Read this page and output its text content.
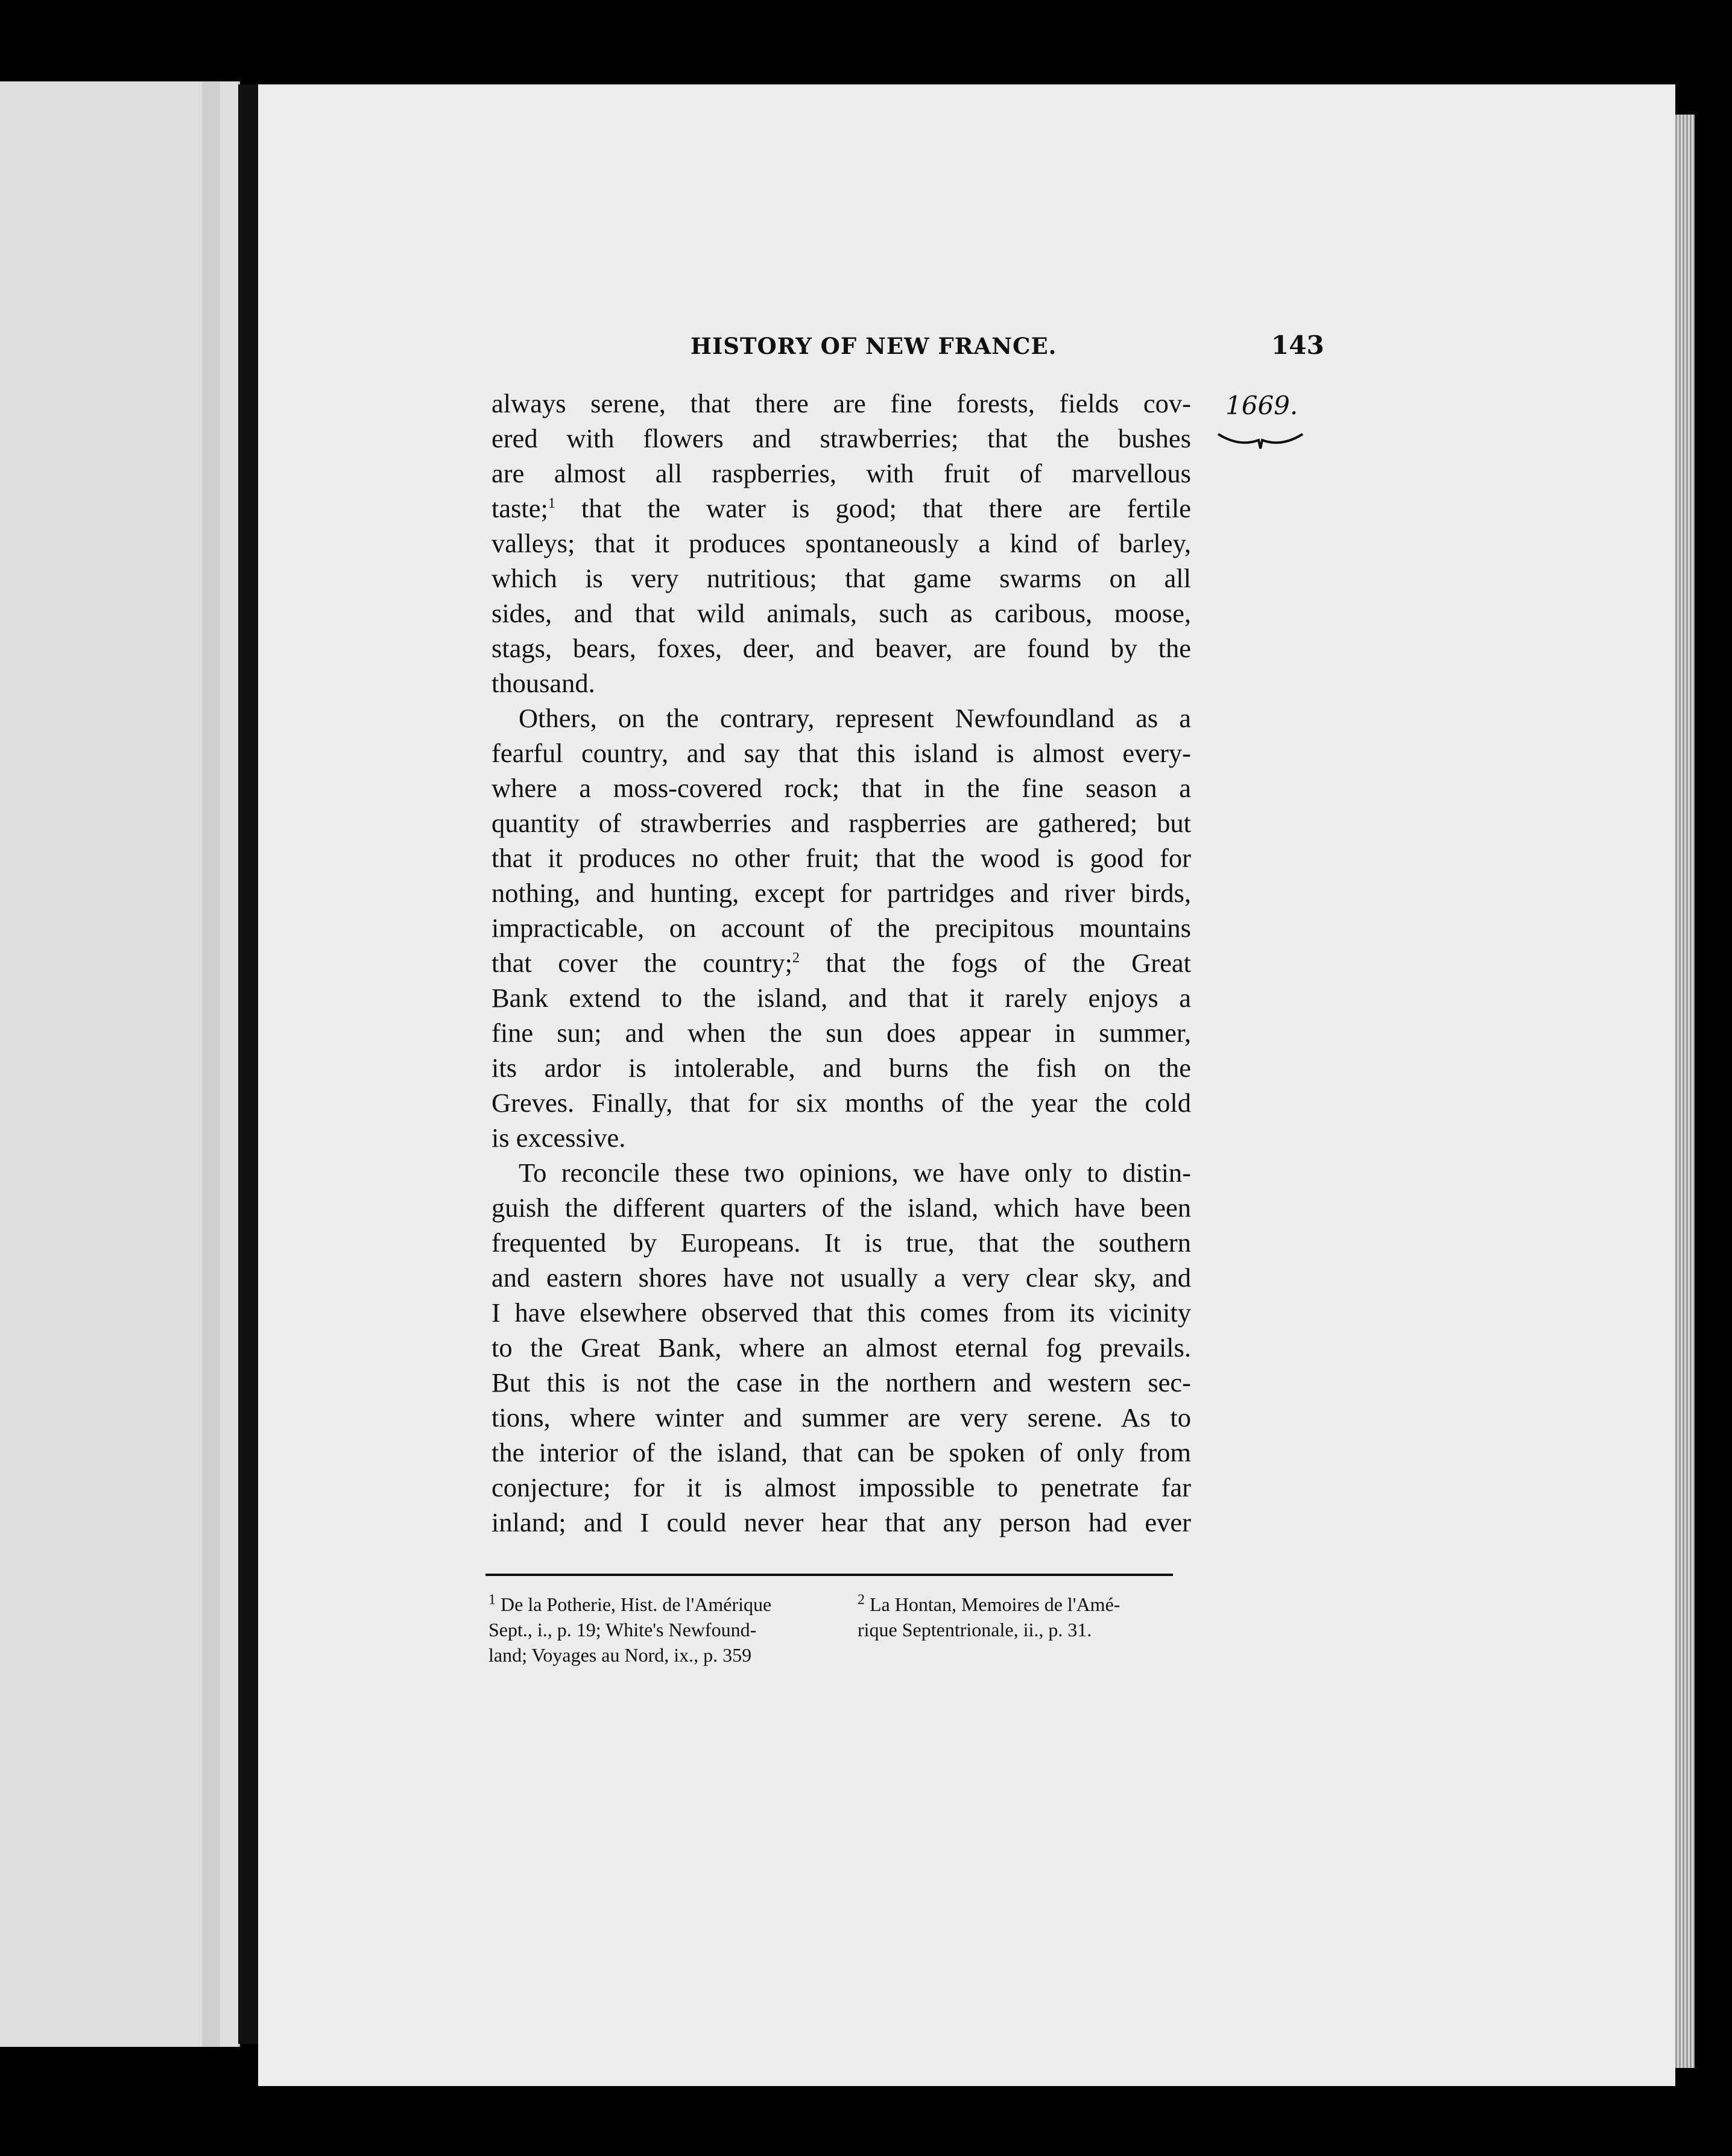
HISTORY OF NEW FRANCE.	143
1669.

always serene, that there are fine forests, fields cov-
ered with flowers and strawberries; that the bushes
are almost all raspberries, with fruit of marvellous
taste;$^1$ that the water is good; that there are fertile
valleys; that it produces spontaneously a kind of barley,
which is very nutritious; that game swarms on all
sides, and that wild animals, such as caribous, moose,
stags, bears, foxes, deer, and beaver, are found by the
thousand.

Others, on the contrary, represent Newfoundland as a
fearful country, and say that this island is almost every-
where a moss-covered rock; that in the fine season a
quantity of strawberries and raspberries are gathered; but
that it produces no other fruit; that the wood is good for
nothing, and hunting, except for partridges and river birds,
impracticable, on account of the precipitous mountains
that cover the country;$^2$ that the fogs of the Great
Bank extend to the island, and that it rarely enjoys a
fine sun; and when the sun does appear in summer,
its ardor is intolerable, and burns the fish on the
Greves. Finally, that for six months of the year the cold
is excessive.

To reconcile these two opinions, we have only to distin-
guish the different quarters of the island, which have been
frequented by Europeans. It is true, that the southern
and eastern shores have not usually a very clear sky, and
I have elsewhere observed that this comes from its vicinity
to the Great Bank, where an almost eternal fog prevails.
But this is not the case in the northern and western sec-
tions, where winter and summer are very serene. As to
the interior of the island, that can be spoken of only from
conjecture; for it is almost impossible to penetrate far
inland; and I could never hear that any person had ever

$^1$ De la Potherie, Hist. de l'Amérique
Sept., i., p. 19; White's Newfound-
land; Voyages au Nord, ix., p. 359
$^2$ La Hontan, Memoires de l'Amé-
rique Septentrionale, ii., p. 31.
